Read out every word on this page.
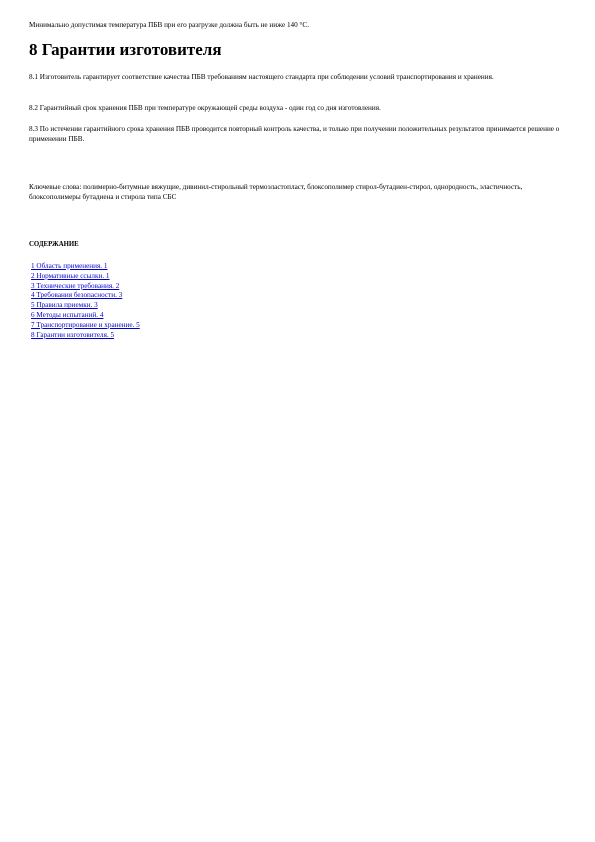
Минимально допустимая температура ПБВ при его разгрузке должна быть не ниже 140 °С.

8 Гарантии изготовителя

8.1 Изготовитель гарантирует соответствие качества ПБВ требованиям настоящего стандарта при соблюдении условий транспортирования и хранения.

8.2 Гарантийный срок хранения ПБВ при температуре окружающей среды воздуха - один год со дня изготовления.

8.3 По истечении гарантийного срока хранения ПБВ проводится повторный контроль качества, и только при получении положительных результатов принимается решение о применении ПБВ.

Ключевые слова: полимерно-битумные вяжущие, дивинил-стирольный термоэластопласт, блоксополимер стирол-бутадиен-стирол, однородность, эластичность, блоксополимеры бутадиена и стирола типа СБС

СОДЕРЖАНИЕ
1 Область применения. 1
2 Нормативные ссылки. 1
3 Технические требования. 2
4 Требования безопасности. 3
5 Правила приемки. 3
6 Методы испытаний. 4
7 Транспортирование и хранение. 5
8 Гарантии изготовителя. 5
